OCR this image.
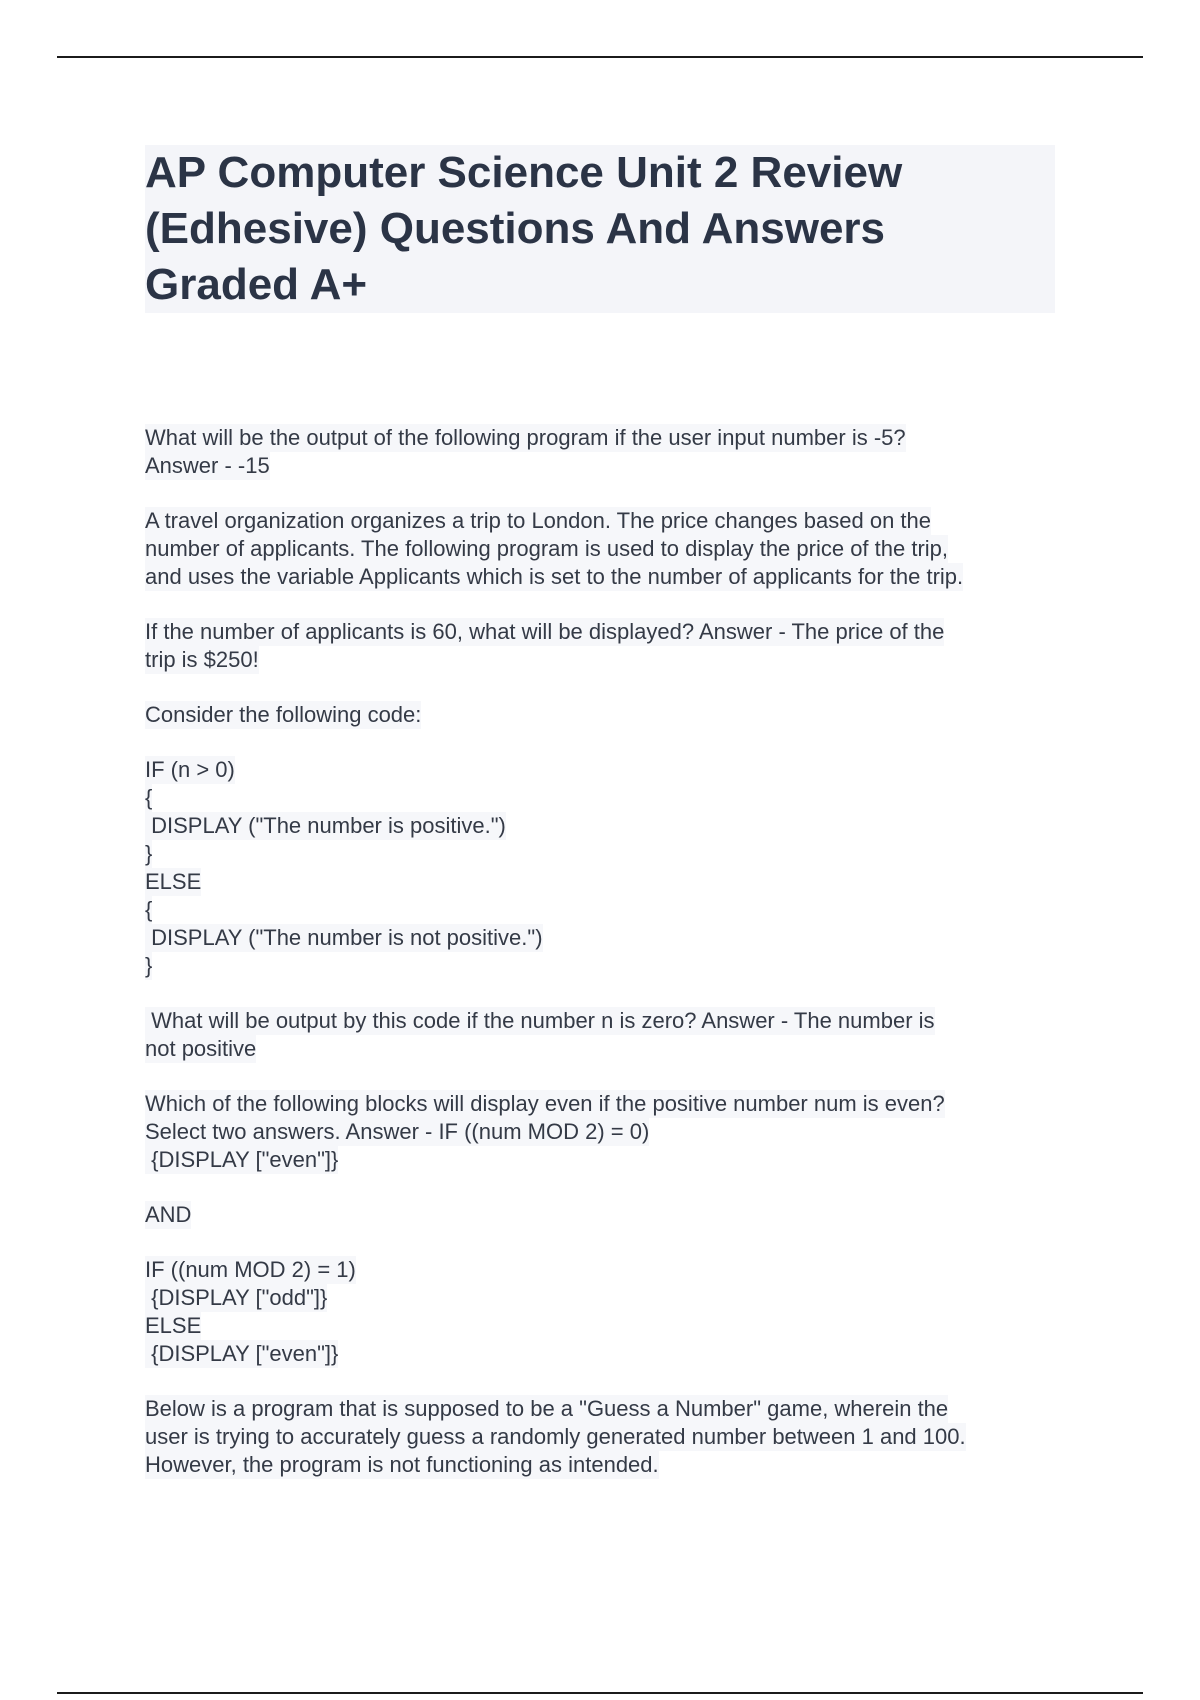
AP Computer Science Unit 2 Review
(Edhesive) Questions And Answers
Graded A+
What will be the output of the following program if the user input number is -5?
Answer - -15
A travel organization organizes a trip to London. The price changes based on the
number of applicants. The following program is used to display the price of the trip,
and uses the variable Applicants which is set to the number of applicants for the trip.
If the number of applicants is 60, what will be displayed? Answer - The price of the
trip is $250!
Consider the following code:
IF (n > 0)
{
DISPLAY ("The number is positive.")
}
ELSE
{
DISPLAY ("The number is not positive.")
}
What will be output by this code if the number n is zero? Answer - The number is
not positive
Which of the following blocks will display even if the positive number num is even?
Select two answers. Answer - IF ((num MOD 2) = 0)
{DISPLAY ["even"]}
AND
IF ((num MOD 2) = 1)
{DISPLAY ["odd"]}
ELSE
{DISPLAY ["even"]}
Below is a program that is supposed to be a "Guess a Number" game, wherein the
user is trying to accurately guess a randomly generated number between 1 and 100.
However, the program is not functioning as intended.
